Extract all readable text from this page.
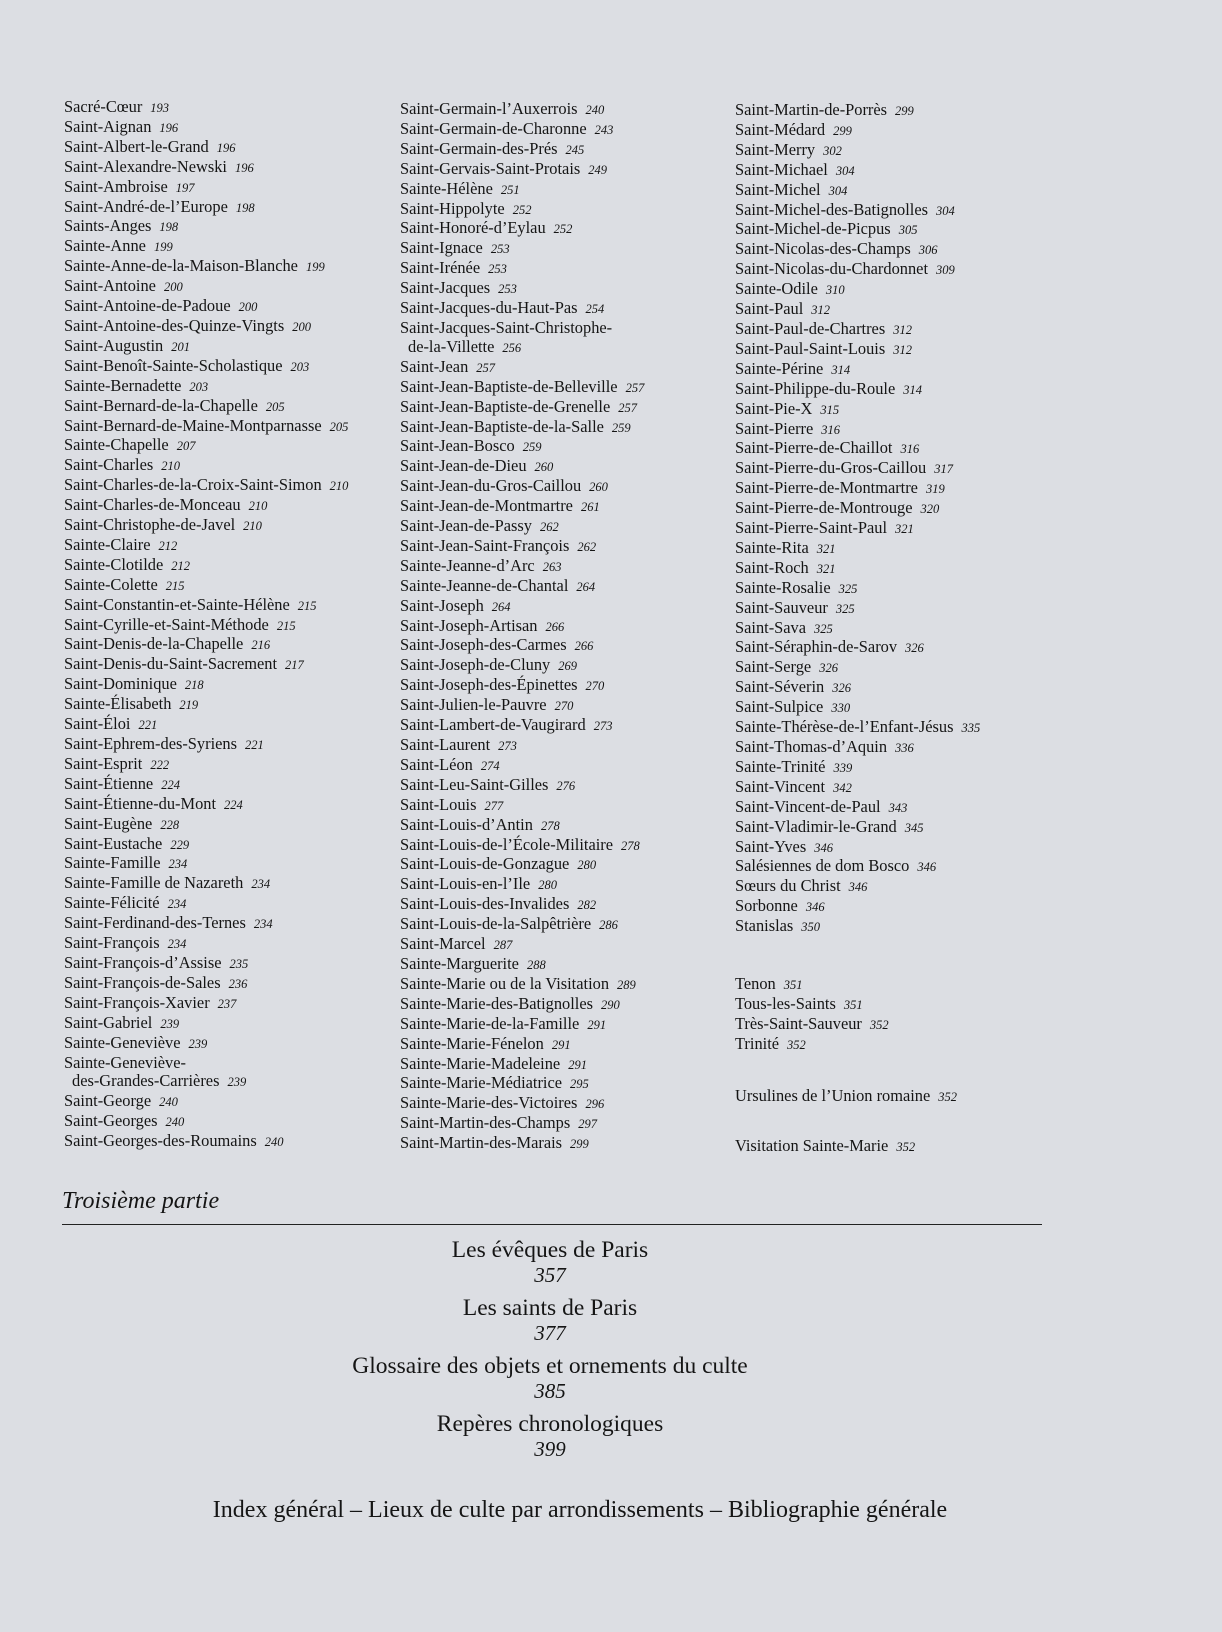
Sacré-Cœur 193
Saint-Aignan 196
Saint-Albert-le-Grand 196
Saint-Alexandre-Newski 196
Saint-Ambroise 197
Saint-André-de-l’Europe 198
Saints-Anges 198
Sainte-Anne 199
Sainte-Anne-de-la-Maison-Blanche 199
Saint-Antoine 200
Saint-Antoine-de-Padoue 200
Saint-Antoine-des-Quinze-Vingts 200
Saint-Augustin 201
Saint-Benoît-Sainte-Scholastique 203
Sainte-Bernadette 203
Saint-Bernard-de-la-Chapelle 205
Saint-Bernard-de-Maine-Montparnasse 205
Sainte-Chapelle 207
Saint-Charles 210
Saint-Charles-de-la-Croix-Saint-Simon 210
Saint-Charles-de-Monceau 210
Saint-Christophe-de-Javel 210
Sainte-Claire 212
Sainte-Clotilde 212
Sainte-Colette 215
Saint-Constantin-et-Sainte-Hélène 215
Saint-Cyrille-et-Saint-Méthode 215
Saint-Denis-de-la-Chapelle 216
Saint-Denis-du-Saint-Sacrement 217
Saint-Dominique 218
Sainte-Élisabeth 219
Saint-Éloi 221
Saint-Ephrem-des-Syriens 221
Saint-Esprit 222
Saint-Étienne 224
Saint-Étienne-du-Mont 224
Saint-Eugène 228
Saint-Eustache 229
Sainte-Famille 234
Sainte-Famille de Nazareth 234
Sainte-Félicité 234
Saint-Ferdinand-des-Ternes 234
Saint-François 234
Saint-François-d’Assise 235
Saint-François-de-Sales 236
Saint-François-Xavier 237
Saint-Gabriel 239
Sainte-Geneviève 239
Sainte-Geneviève-
des-Grandes-Carrières 239
Saint-George 240
Saint-Georges 240
Saint-Georges-des-Roumains 240
Saint-Germain-l’Auxerrois 240
Saint-Germain-de-Charonne 243
Saint-Germain-des-Prés 245
Saint-Gervais-Saint-Protais 249
Sainte-Hélène 251
Saint-Hippolyte 252
Saint-Honoré-d’Eylau 252
Saint-Ignace 253
Saint-Irénée 253
Saint-Jacques 253
Saint-Jacques-du-Haut-Pas 254
Saint-Jacques-Saint-Christophe-
de-la-Villette 256
Saint-Jean 257
Saint-Jean-Baptiste-de-Belleville 257
Saint-Jean-Baptiste-de-Grenelle 257
Saint-Jean-Baptiste-de-la-Salle 259
Saint-Jean-Bosco 259
Saint-Jean-de-Dieu 260
Saint-Jean-du-Gros-Caillou 260
Saint-Jean-de-Montmartre 261
Saint-Jean-de-Passy 262
Saint-Jean-Saint-François 262
Sainte-Jeanne-d’Arc 263
Sainte-Jeanne-de-Chantal 264
Saint-Joseph 264
Saint-Joseph-Artisan 266
Saint-Joseph-des-Carmes 266
Saint-Joseph-de-Cluny 269
Saint-Joseph-des-Épinettes 270
Saint-Julien-le-Pauvre 270
Saint-Lambert-de-Vaugirard 273
Saint-Laurent 273
Saint-Léon 274
Saint-Leu-Saint-Gilles 276
Saint-Louis 277
Saint-Louis-d’Antin 278
Saint-Louis-de-l’École-Militaire 278
Saint-Louis-de-Gonzague 280
Saint-Louis-en-l’Ile 280
Saint-Louis-des-Invalides 282
Saint-Louis-de-la-Salpêtrière 286
Saint-Marcel 287
Sainte-Marguerite 288
Sainte-Marie ou de la Visitation 289
Sainte-Marie-des-Batignolles 290
Sainte-Marie-de-la-Famille 291
Sainte-Marie-Fénelon 291
Sainte-Marie-Madeleine 291
Sainte-Marie-Médiatrice 295
Sainte-Marie-des-Victoires 296
Saint-Martin-des-Champs 297
Saint-Martin-des-Marais 299
Saint-Martin-de-Porrès 299
Saint-Médard 299
Saint-Merry 302
Saint-Michael 304
Saint-Michel 304
Saint-Michel-des-Batignolles 304
Saint-Michel-de-Picpus 305
Saint-Nicolas-des-Champs 306
Saint-Nicolas-du-Chardonnet 309
Sainte-Odile 310
Saint-Paul 312
Saint-Paul-de-Chartres 312
Saint-Paul-Saint-Louis 312
Sainte-Périne 314
Saint-Philippe-du-Roule 314
Saint-Pie-X 315
Saint-Pierre 316
Saint-Pierre-de-Chaillot 316
Saint-Pierre-du-Gros-Caillou 317
Saint-Pierre-de-Montmartre 319
Saint-Pierre-de-Montrouge 320
Saint-Pierre-Saint-Paul 321
Sainte-Rita 321
Saint-Roch 321
Sainte-Rosalie 325
Saint-Sauveur 325
Saint-Sava 325
Saint-Séraphin-de-Sarov 326
Saint-Serge 326
Saint-Séverin 326
Saint-Sulpice 330
Sainte-Thérèse-de-l’Enfant-Jésus 335
Saint-Thomas-d’Aquin 336
Sainte-Trinité 339
Saint-Vincent 342
Saint-Vincent-de-Paul 343
Saint-Vladimir-le-Grand 345
Saint-Yves 346
Salésiennes de dom Bosco 346
Sœurs du Christ 346
Sorbonne 346
Stanislas 350
Tenon 351
Tous-les-Saints 351
Très-Saint-Sauveur 352
Trinité 352
Ursulines de l’Union romaine 352
Visitation Sainte-Marie 352
Troisième partie
Les évêques de Paris
357
Les saints de Paris
377
Glossaire des objets et ornements du culte
385
Repères chronologiques
399
Index général – Lieux de culte par arrondissements – Bibliographie générale
